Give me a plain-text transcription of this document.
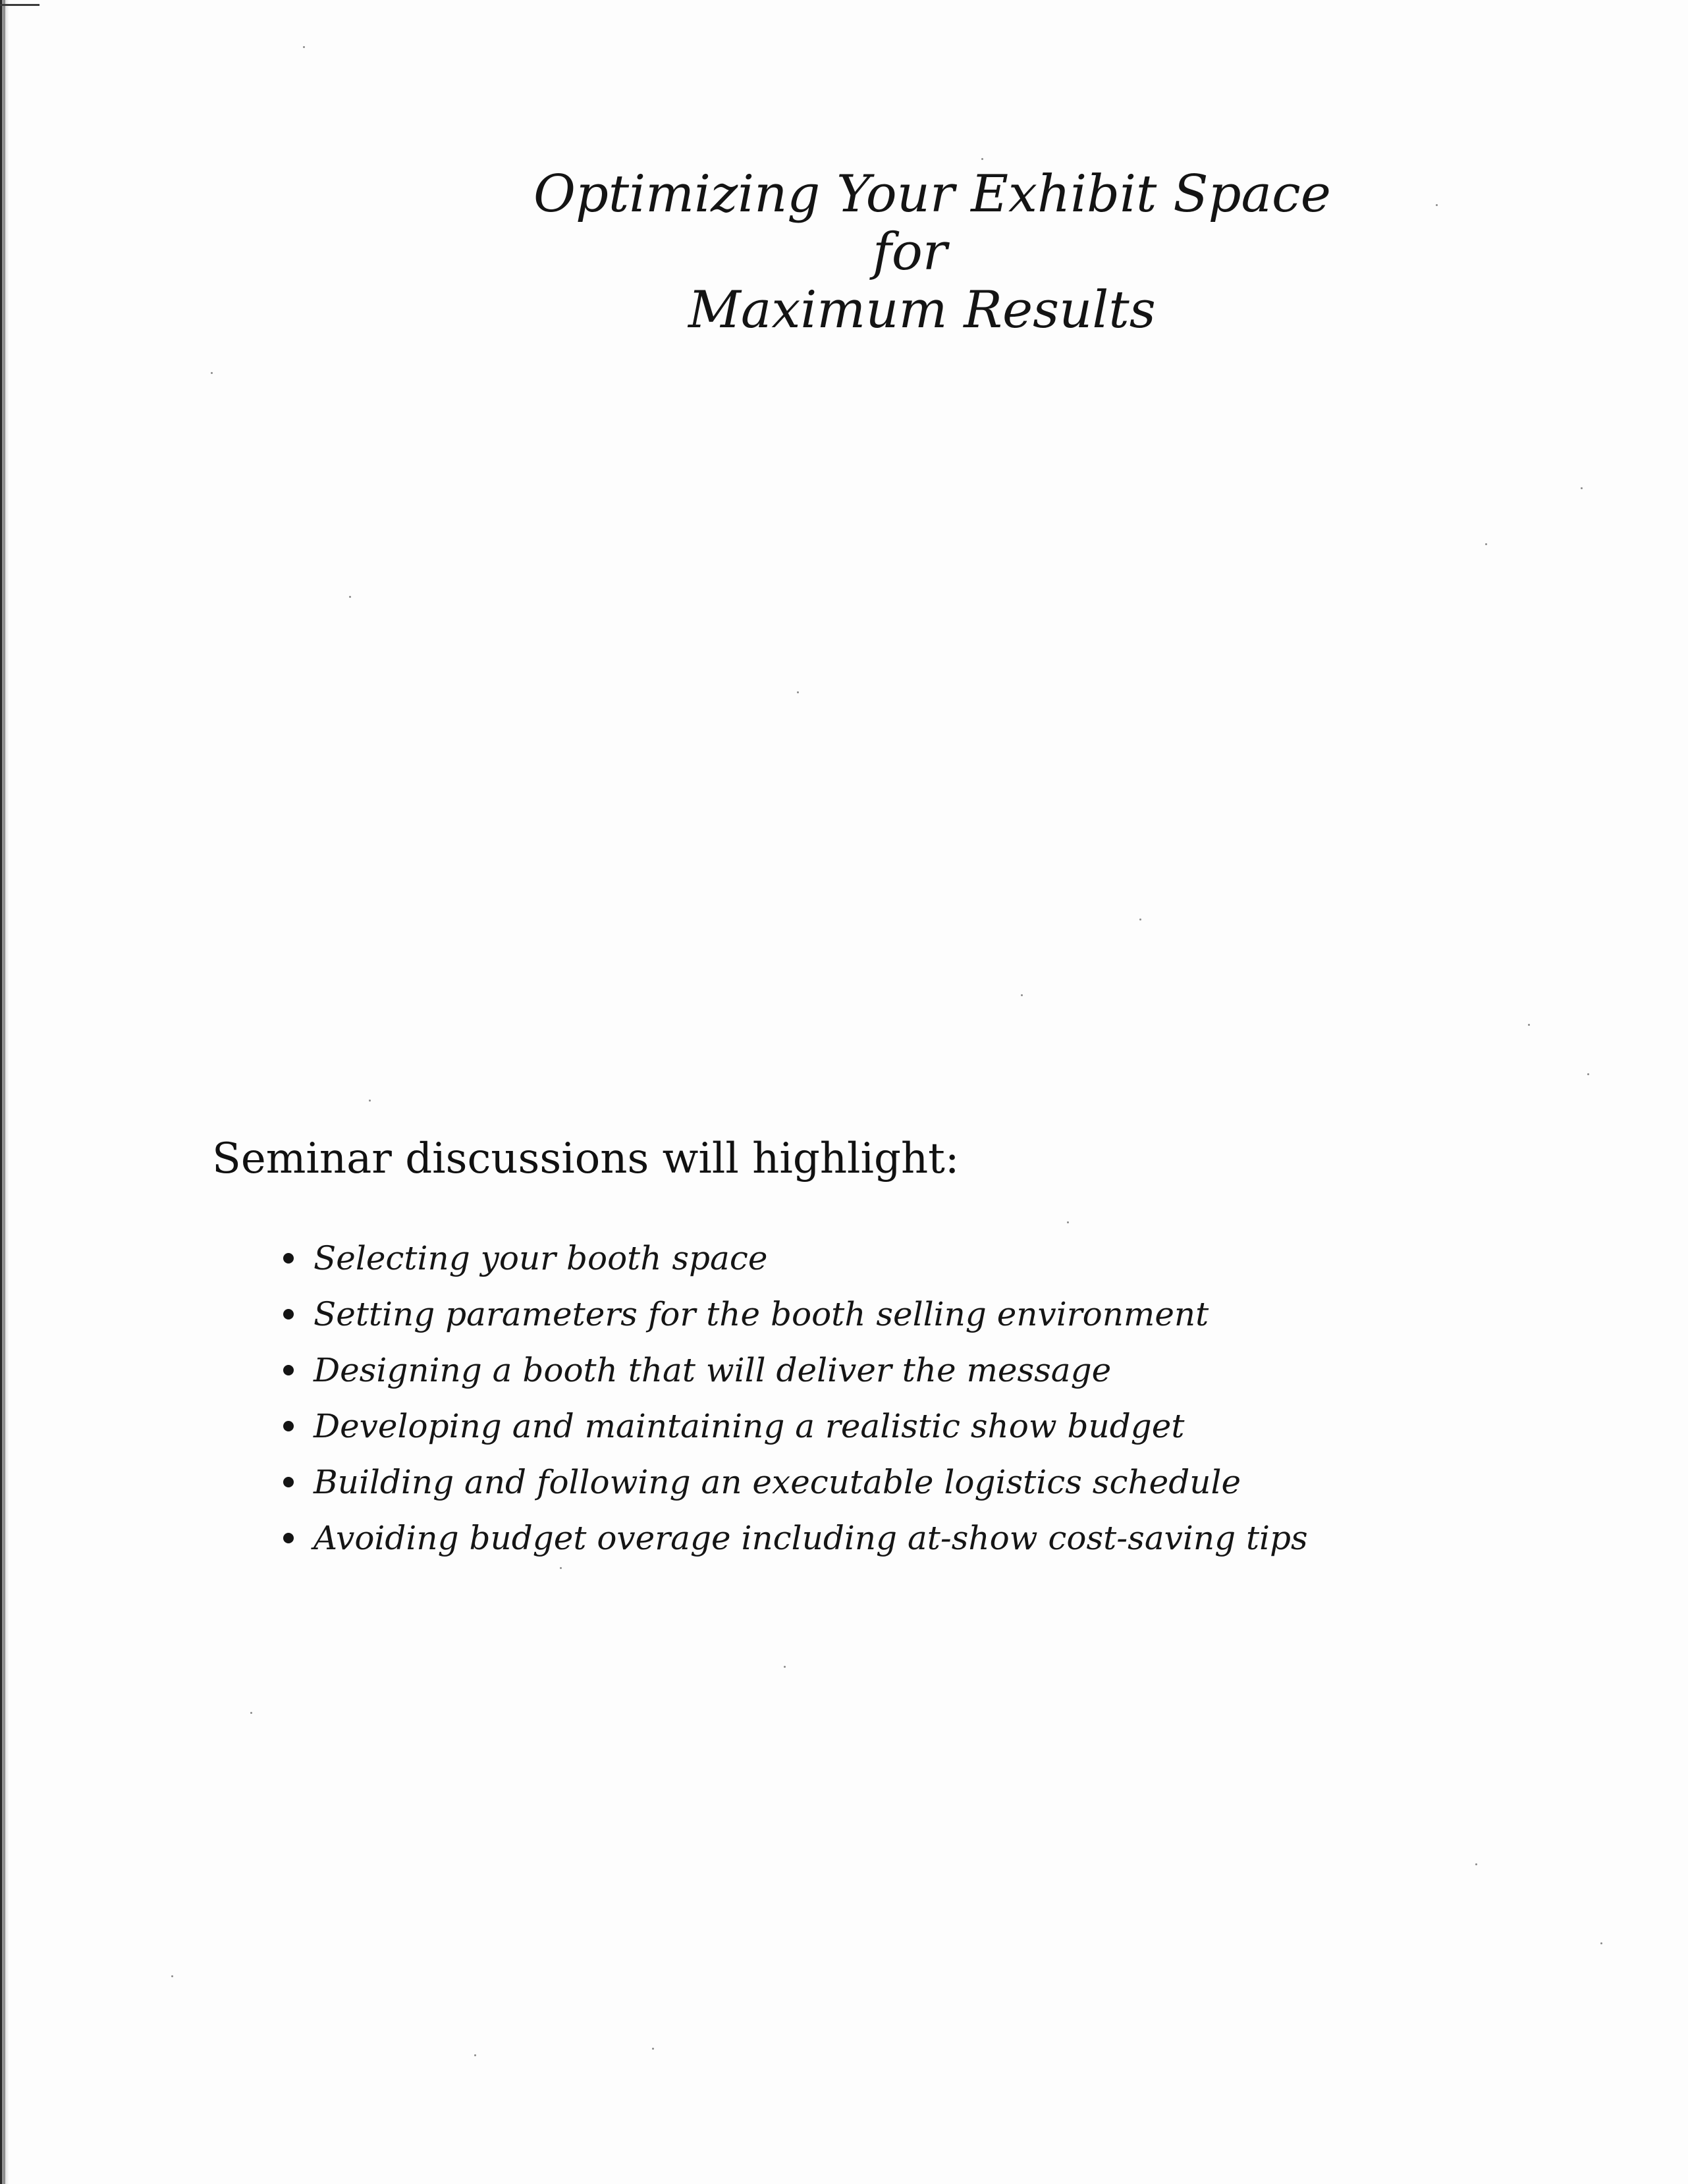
Optimizing Your Exhibit Space
for
Maximum Results
Seminar discussions will highlight:
Selecting your booth space
Setting parameters for the booth selling environment
Designing a booth that will deliver the message
Developing and maintaining a realistic show budget
Building and following an executable logistics schedule
Avoiding budget overage including at-show cost-saving tips
